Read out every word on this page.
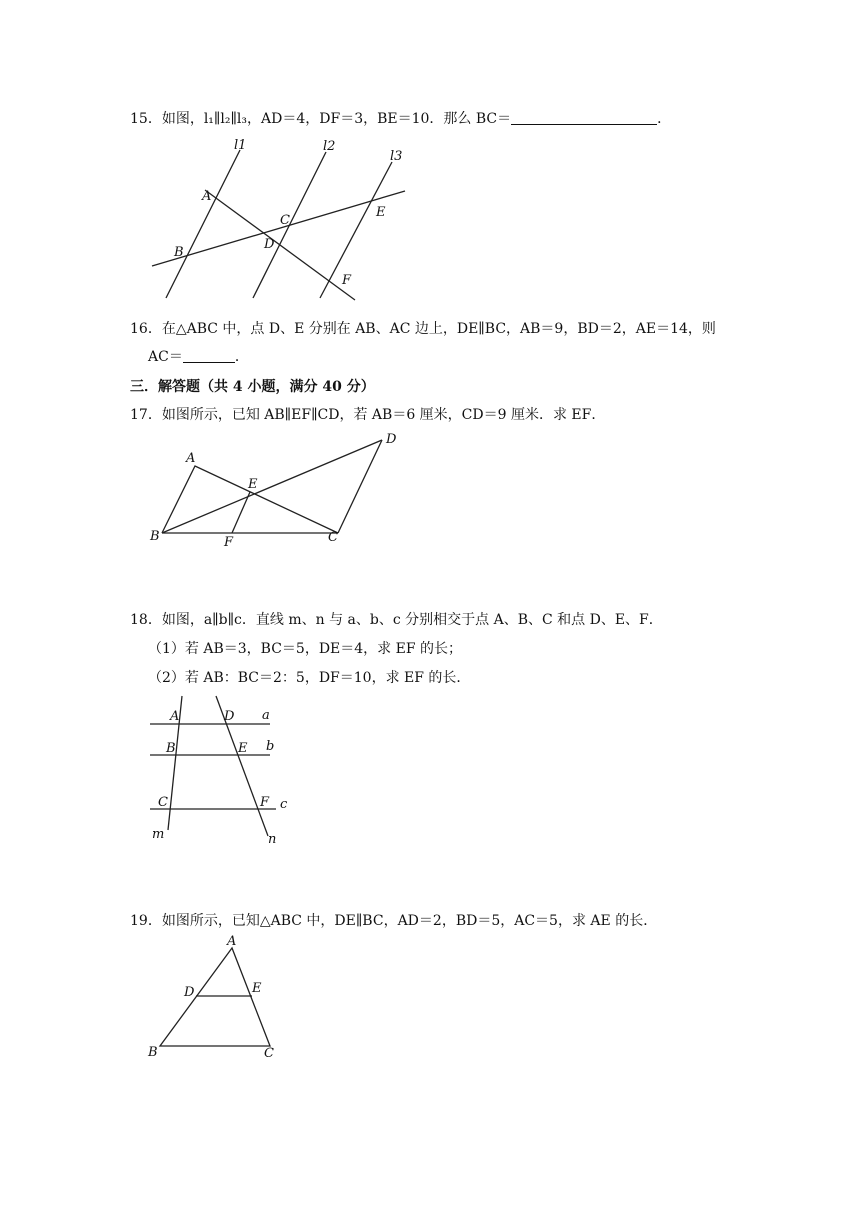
15．如图，l₁∥l₂∥l₃，AD＝4，DF＝3，BE＝10．那么 BC＝	．
l1	l2
l3
A
B
C
D
E
F
16．在△ABC 中，点 D、E 分别在 AB、AC 边上，DE∥BC，AB＝9，BD＝2，AE＝14，则
AC＝	．
三．解答题（共 4 小题，满分 40 分）
17．如图所示，已知 AB∥EF∥CD，若 AB＝6 厘米，CD＝9 厘米．求 EF．
A
B	C
D
E
F
18．如图，a∥b∥c．直线 m、n 与 a、b、c 分别相交于点 A、B、C 和点 D、E、F．
（1）若 AB＝3，BC＝5，DE＝4，求 EF 的长；
（2）若 AB：BC＝2：5，DF＝10，求 EF 的长．
A
B
C
D
E
F
a
b
c
m	n
19．如图所示，已知△ABC 中，DE∥BC，AD＝2，BD＝5，AC＝5，求 AE 的长．
A
B	C
D	E
